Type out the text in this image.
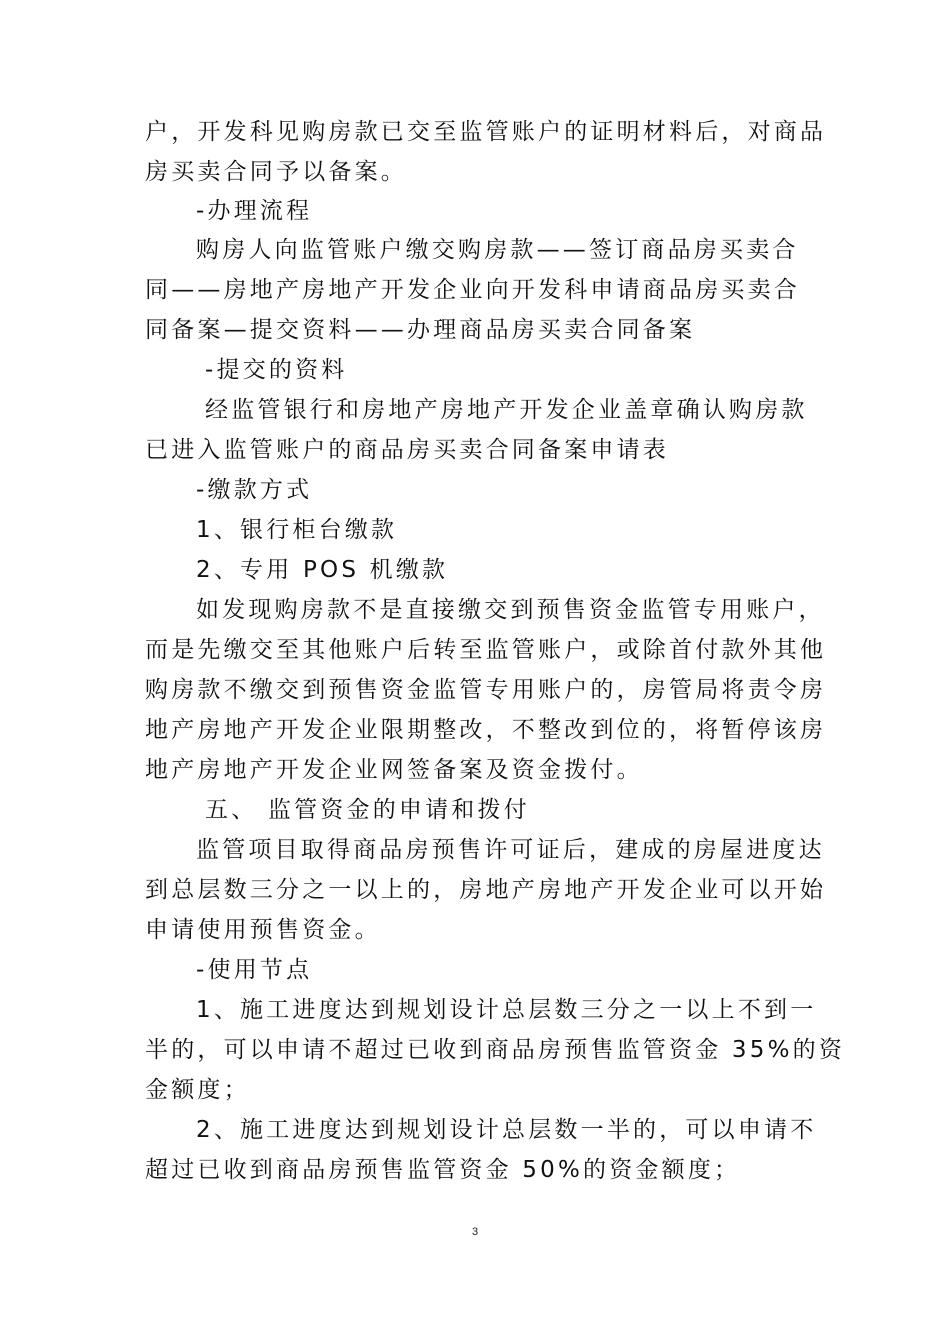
户，开发科见购房款已交至监管账户的证明材料后，对商品
房买卖合同予以备案。
-办理流程
购房人向监管账户缴交购房款——签订商品房买卖合
同——房地产房地产开发企业向开发科申请商品房买卖合
同备案—提交资料——办理商品房买卖合同备案
-提交的资料
经监管银行和房地产房地产开发企业盖章确认购房款
已进入监管账户的商品房买卖合同备案申请表
-缴款方式
1、银行柜台缴款
2、专用 POS 机缴款
如发现购房款不是直接缴交到预售资金监管专用账户，
而是先缴交至其他账户后转至监管账户，或除首付款外其他
购房款不缴交到预售资金监管专用账户的，房管局将责令房
地产房地产开发企业限期整改，不整改到位的，将暂停该房
地产房地产开发企业网签备案及资金拨付。
五、 监管资金的申请和拨付
监管项目取得商品房预售许可证后，建成的房屋进度达
到总层数三分之一以上的，房地产房地产开发企业可以开始
申请使用预售资金。
-使用节点
1、施工进度达到规划设计总层数三分之一以上不到一
半的，可以申请不超过已收到商品房预售监管资金 35%的资
金额度；
2、施工进度达到规划设计总层数一半的，可以申请不
超过已收到商品房预售监管资金 50%的资金额度；
3
